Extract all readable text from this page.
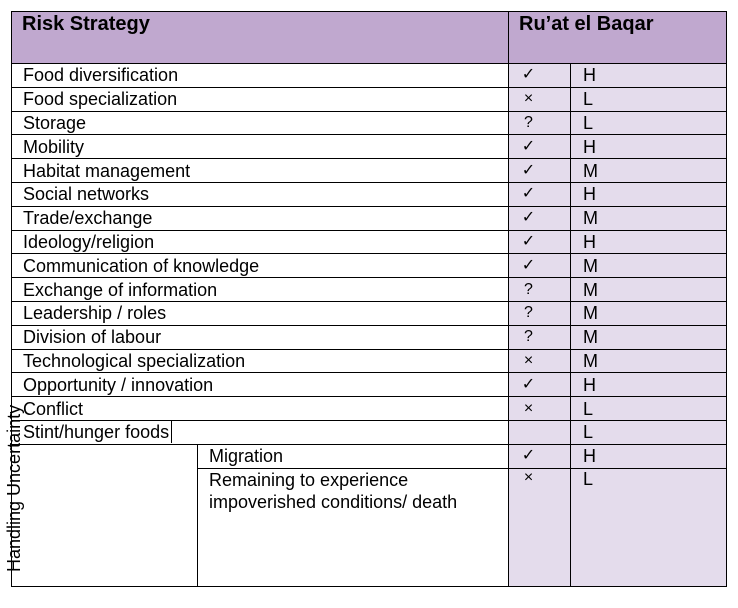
Risk Strategy		Ru’at el Baqar	
Food diversification		✓	H
Food specialization		×	L
Storage		?	L
Mobility		✓	H
Habitat management		✓	M
Social networks		✓	H
Trade/exchange		✓	M
Ideology/religion		✓	H
Communication of knowledge		✓	M
Exchange of information		?	M
Leadership / roles		?	M
Division of labour		?	M
Technological specialization		×	M
Opportunity / innovation		✓	H
Conflict		×	L
Stint/hunger foods			L

Handling Uncertainty	Migration	✓	H
	Remaining to experience impoverished conditions/ death	×	L
